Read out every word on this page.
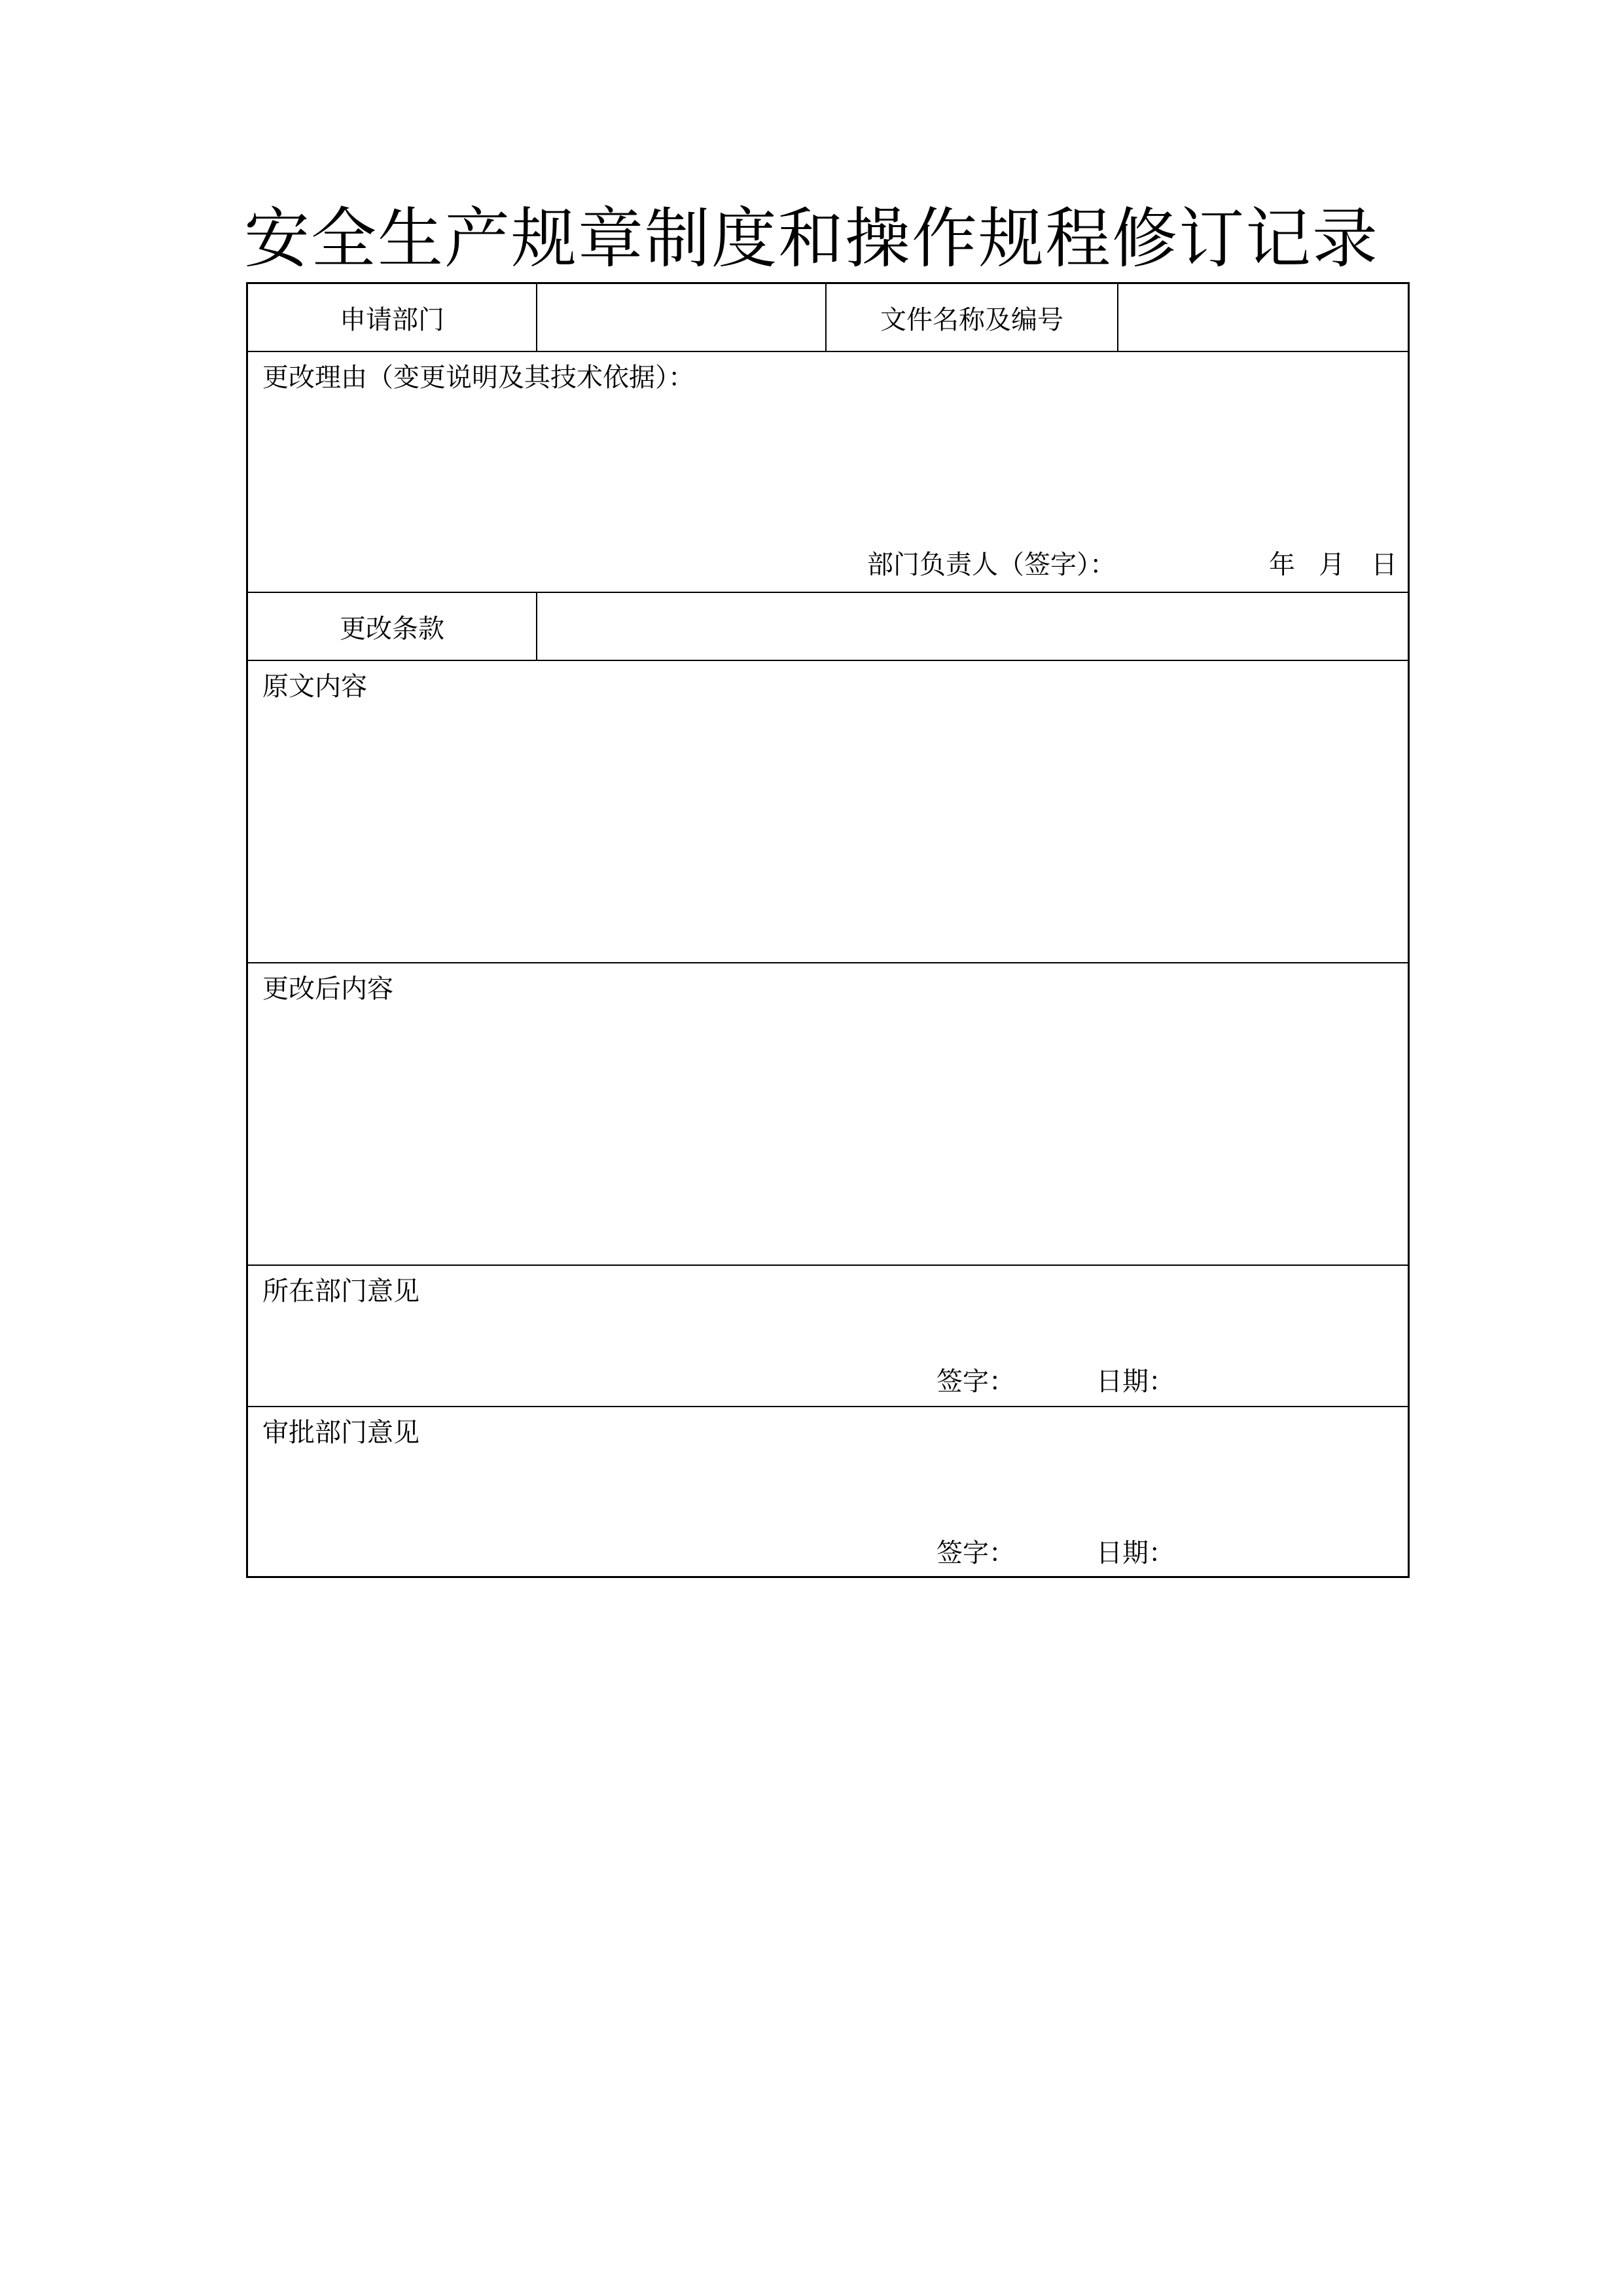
安全生产规章制度和操作规程修订记录
申请部门	文件名称及编号
更改理由（变更说明及其技术依据）：
部门负责人（签字）：	年 月 日
更改条款
原文内容
更改后内容
所在部门意见
签字：	日期：
审批部门意见
签字：	日期：
